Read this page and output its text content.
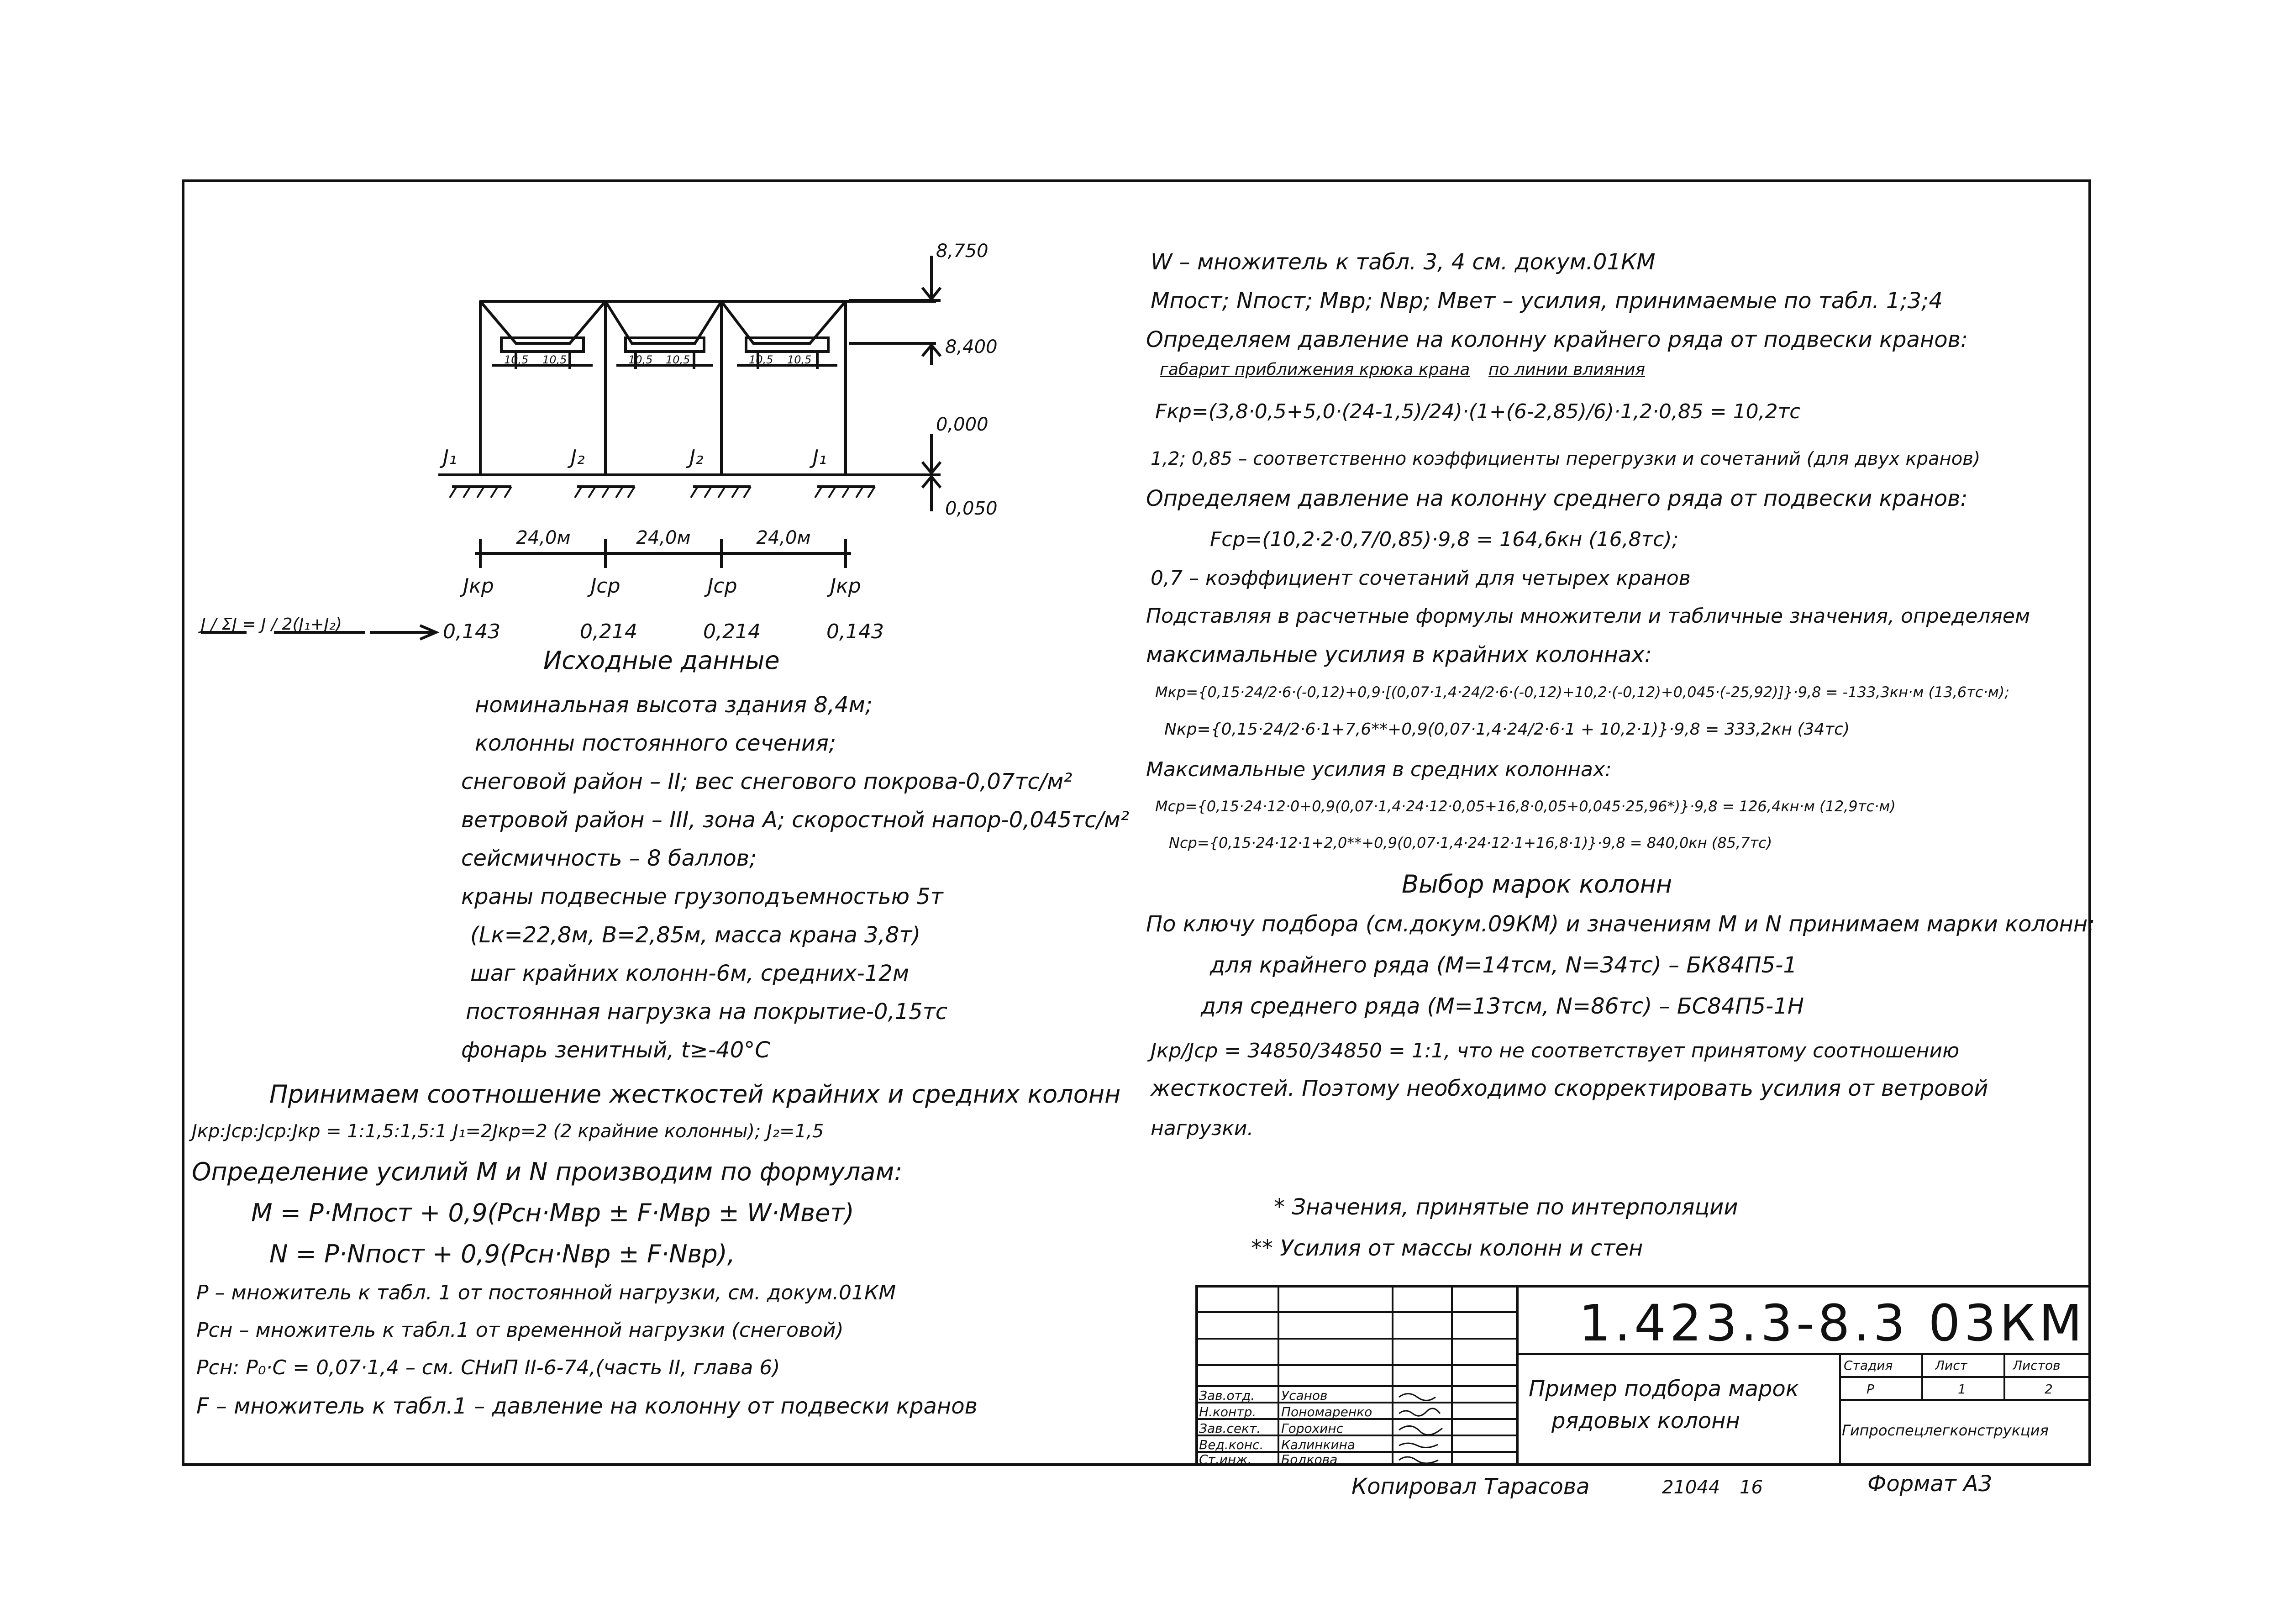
8,750
8,400
0,000
0,050
10,5 10,5	10,5 10,5	10,5 10,5
J₁	J₂	J₂	J₁
24,0м	24,0м	24,0м
Jкр	Jср	Jср	Jкр
J / ΣJ = J / 2(J₁+J₂)	0,143	0,214	0,214	0,143
Исходные данные
номинальная высота здания 8,4м;
колонны постоянного сечения;
снеговой район – II; вес снегового покрова-0,07тс/м²
ветровой район – III, зона А; скоростной напор-0,045тс/м²
сейсмичность – 8 баллов;
краны подвесные грузоподъемностью 5т
(Lк=22,8м, В=2,85м, масса крана 3,8т)
шаг крайних колонн-6м, средних-12м
постоянная нагрузка на покрытие-0,15тс
фонарь зенитный, t≥-40°С
Принимаем соотношение жесткостей крайних и средних колонн
Jкр:Jср:Jср:Jкр = 1:1,5:1,5:1 J₁=2Jкр=2 (2 крайние колонны); J₂=1,5
Определение усилий М и N производим по формулам:
M = P·Mпост + 0,9(Pсн·Mвр ± F·Mвр ± W·Mвет)
N = P·Nпост + 0,9(Pсн·Nвр ± F·Nвр),
P – множитель к табл. 1 от постоянной нагрузки, см. докум.01КМ
Pсн – множитель к табл.1 от временной нагрузки (снеговой)
Pсн: P₀·C = 0,07·1,4 – см. СНиП II-6-74,(часть II, глава 6)
F – множитель к табл.1 – давление на колонну от подвески кранов
W – множитель к табл. 3, 4 см. докум.01КМ
Мпост; Nпост; Мвр; Nвр; Мвет – усилия, принимаемые по табл. 1;3;4
Определяем давление на колонну крайнего ряда от подвески кранов:
габарит приближения крюка крана по линии влияния
Fкр=(3,8·0,5+5,0·(24-1,5)/24)·(1+(6-2,85)/6)·1,2·0,85 = 10,2тс
1,2; 0,85 – соответственно коэффициенты перегрузки и сочетаний (для двух кранов)
Определяем давление на колонну среднего ряда от подвески кранов:
Fср=(10,2·2·0,7/0,85)·9,8 = 164,6кн (16,8тс);
0,7 – коэффициент сочетаний для четырех кранов
Подставляя в расчетные формулы множители и табличные значения, определяем
максимальные усилия в крайних колоннах:
Mкр={0,15·24/2·6·(-0,12)+0,9·[(0,07·1,4·24/2·6·(-0,12)+10,2·(-0,12)+0,045·(-25,92)]}·9,8 = -133,3кн·м (13,6тс·м);
Nкр={0,15·24/2·6·1+7,6**+0,9(0,07·1,4·24/2·6·1 + 10,2·1)}·9,8 = 333,2кн (34тс)
Максимальные усилия в средних колоннах:
Mср={0,15·24·12·0+0,9(0,07·1,4·24·12·0,05+16,8·0,05+0,045·25,96*)}·9,8 = 126,4кн·м (12,9тс·м)
Nср={0,15·24·12·1+2,0**+0,9(0,07·1,4·24·12·1+16,8·1)}·9,8 = 840,0кн (85,7тс)
Выбор марок колонн
По ключу подбора (см.докум.09КМ) и значениям М и N принимаем марки колонн:
для крайнего ряда (М=14тсм, N=34тс) – БК84П5-1
для среднего ряда (М=13тсм, N=86тс) – БС84П5-1Н
Jкр/Jср = 34850/34850 = 1:1, что не соответствует принятому соотношению
жесткостей. Поэтому необходимо скорректировать усилия от ветровой
нагрузки.
* Значения, принятые по интерполяции
** Усилия от массы колонн и стен
1.423.3-8.3 03КМ
Пример подбора марок
рядовых колонн
Стадия	Лист	Листов
Р	1	2
Гипроспецлегконструкция
Зав.отд. Усанов
Н.контр. Пономаренко
Зав.сект. Горохинс
Вед.конс. Калинкина
Ст.инж. Бодкова
Копировал Тарасова	21044 16	Формат А3
